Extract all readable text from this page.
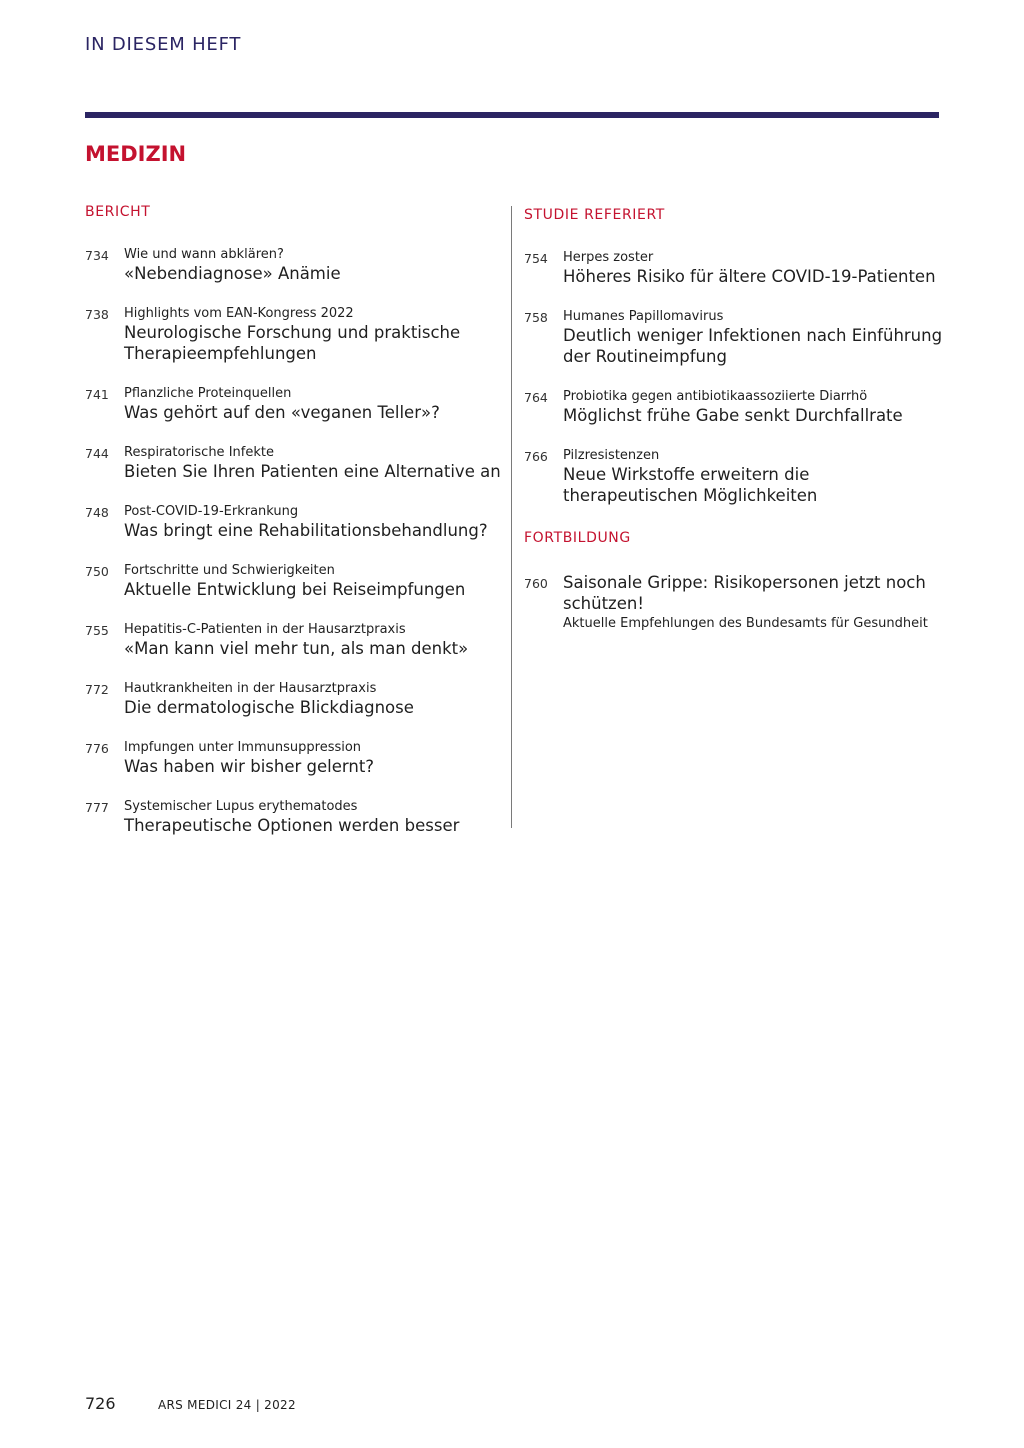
IN DIESEM HEFT
MEDIZIN
BERICHT
734 Wie und wann abklären?
«Nebendiagnose» Anämie
738 Highlights vom EAN-Kongress 2022
Neurologische Forschung und praktische Therapieempfehlungen
741 Pflanzliche Proteinquellen
Was gehört auf den «veganen Teller»?
744 Respiratorische Infekte
Bieten Sie Ihren Patienten eine Alternative an
748 Post-COVID-19-Erkrankung
Was bringt eine Rehabilitationsbehandlung?
750 Fortschritte und Schwierigkeiten
Aktuelle Entwicklung bei Reiseimpfungen
755 Hepatitis-C-Patienten in der Hausarztpraxis
«Man kann viel mehr tun, als man denkt»
772 Hautkrankheiten in der Hausarztpraxis
Die dermatologische Blickdiagnose
776 Impfungen unter Immunsuppression
Was haben wir bisher gelernt?
777 Systemischer Lupus erythematodes
Therapeutische Optionen werden besser
STUDIE REFERIERT
754 Herpes zoster
Höheres Risiko für ältere COVID-19-Patienten
758 Humanes Papillomavirus
Deutlich weniger Infektionen nach Einführung der Routineimpfung
764 Probiotika gegen antibiotikaassoziierte Diarrhö
Möglichst frühe Gabe senkt Durchfallrate
766 Pilzresistenzen
Neue Wirkstoffe erweitern die therapeutischen Möglichkeiten
FORTBILDUNG
760 Saisonale Grippe: Risikopersonen jetzt noch schützen!
Aktuelle Empfehlungen des Bundesamts für Gesundheit
726	ARS MEDICI 24 | 2022
